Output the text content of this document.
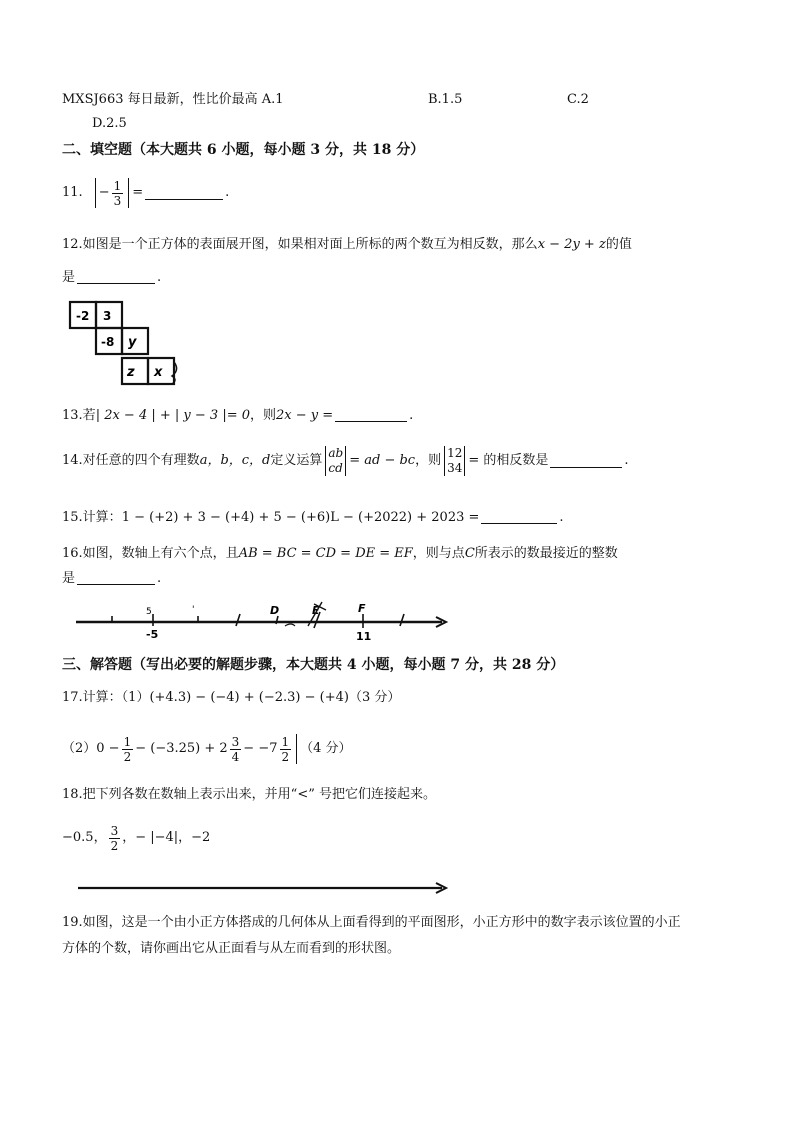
MXSJ663 每日最新，性比价最高 A.1	B.1.5	C.2
D.2.5
二、填空题（本大题共 6 小题，每小题 3 分，共 18 分）
11. − $\frac{1}{3}$ =	.
12.如图是一个正方体的表面展开图，如果相对面上所标的两个数互为相反数，那么x − 2y + z的值
是	.
-2 3
-8 y
z x
13.若| 2x − 4 | + | y − 3 |= 0，则2x − y =	.
14.对任意的四个有理数 a，b，c，d 定义运算 ab
cd = ad − bc ，则 12
34 = 的相反数是	.
15.计算：1 − (+2) + 3 − (+4) + 5 − (+6)L − (+2022) + 2023 =	.
16.如图，数轴上有六个点，且AB = BC = CD = DE = EF，则与点C所表示的数最接近的整数
是	.
5	'
-5	11
D	E	F
三、解答题（写出必要的解题步骤，本大题共 4 小题，每小题 7 分，共 28 分）
17.计算：（1）(+4.3) − (−4) + (−2.3) − (+4)（3 分）
$(2)0 - \frac{1}{2} - (-3.25) + 2 \frac{3}{4} - -7 \frac{1}{2} (4$ 分）
18.把下列各数在数轴上表示出来，并用“<” 号把它们连接起来。
−0.5， $\frac{3}{2}$ ，− |−4|，−2
19.如图，这是一个由小正方体搭成的几何体从上面看得到的平面图形，小正方形中的数字表示该位置的小正
方体的个数，请你画出它从正面看与从左而看到的形状图。
